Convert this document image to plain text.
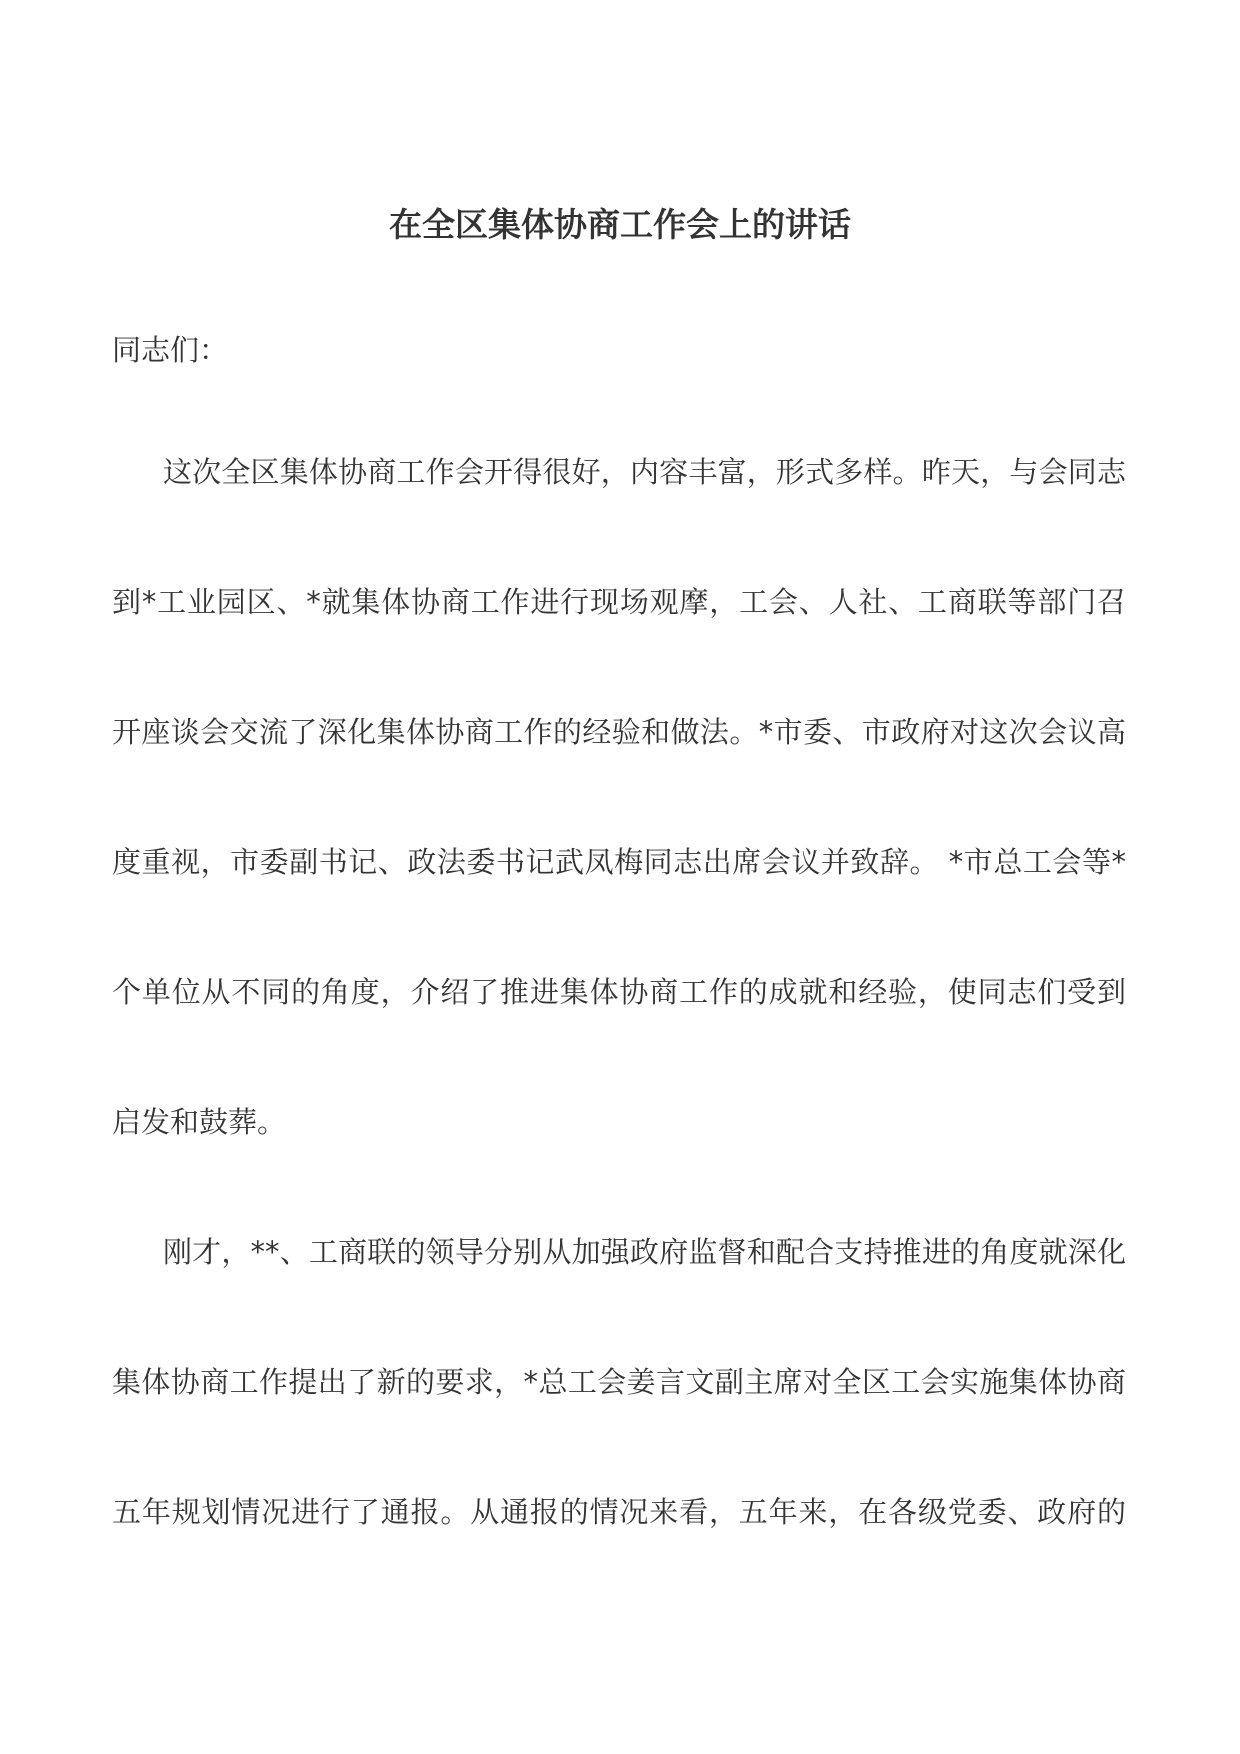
在全区集体协商工作会上的讲话
同志们：
这次全区集体协商工作会开得很好，内容丰富，形式多样。昨天，与会同志
到*工业园区、*就集体协商工作进行现场观摩，工会、人社、工商联等部门召
开座谈会交流了深化集体协商工作的经验和做法。*市委、市政府对这次会议高
度重视，市委副书记、政法委书记武凤梅同志出席会议并致辞。 *市总工会等*
个单位从不同的角度，介绍了推进集体协商工作的成就和经验，使同志们受到
启发和鼓葬。
刚才，**、工商联的领导分别从加强政府监督和配合支持推进的角度就深化
集体协商工作提出了新的要求，*总工会姜言文副主席对全区工会实施集体协商
五年规划情况进行了通报。从通报的情况来看，五年来，在各级党委、政府的
